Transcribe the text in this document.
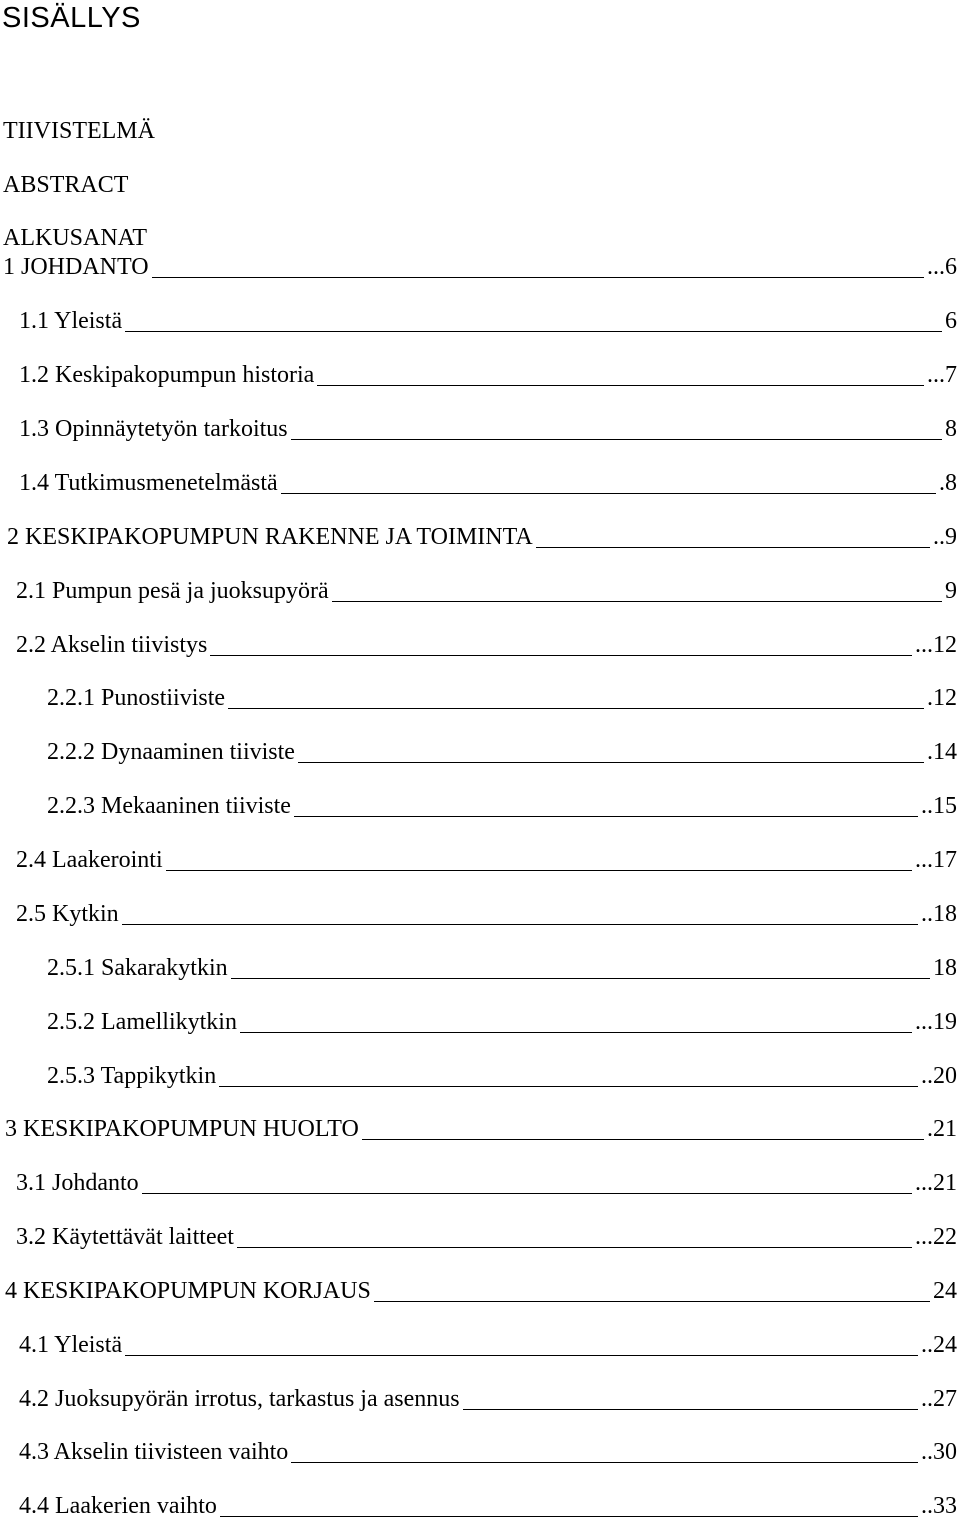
SISÄLLYS
TIIVISTELMÄ
ABSTRACT
ALKUSANAT
1 JOHDANTO	...6
1.1 Yleistä	6
1.2 Keskipakopumpun historia	...7
1.3 Opinnäytetyön tarkoitus	8
1.4 Tutkimusmenetelmästä	.8
2 KESKIPAKOPUMPUN RAKENNE JA TOIMINTA	..9
2.1 Pumpun pesä ja juoksupyörä	9
2.2 Akselin tiivistys	...12
2.2.1 Punostiiviste	.12
2.2.2 Dynaaminen tiiviste	.14
2.2.3 Mekaaninen tiiviste	..15
2.4 Laakerointi	...17
2.5 Kytkin	..18
2.5.1 Sakarakytkin	18
2.5.2 Lamellikytkin	...19
2.5.3 Tappikytkin	..20
3 KESKIPAKOPUMPUN HUOLTO	.21
3.1 Johdanto	...21
3.2 Käytettävät laitteet	...22
4 KESKIPAKOPUMPUN KORJAUS	24
4.1 Yleistä	..24
4.2 Juoksupyörän irrotus, tarkastus ja asennus	..27
4.3 Akselin tiivisteen vaihto	..30
4.4 Laakerien vaihto	..33
